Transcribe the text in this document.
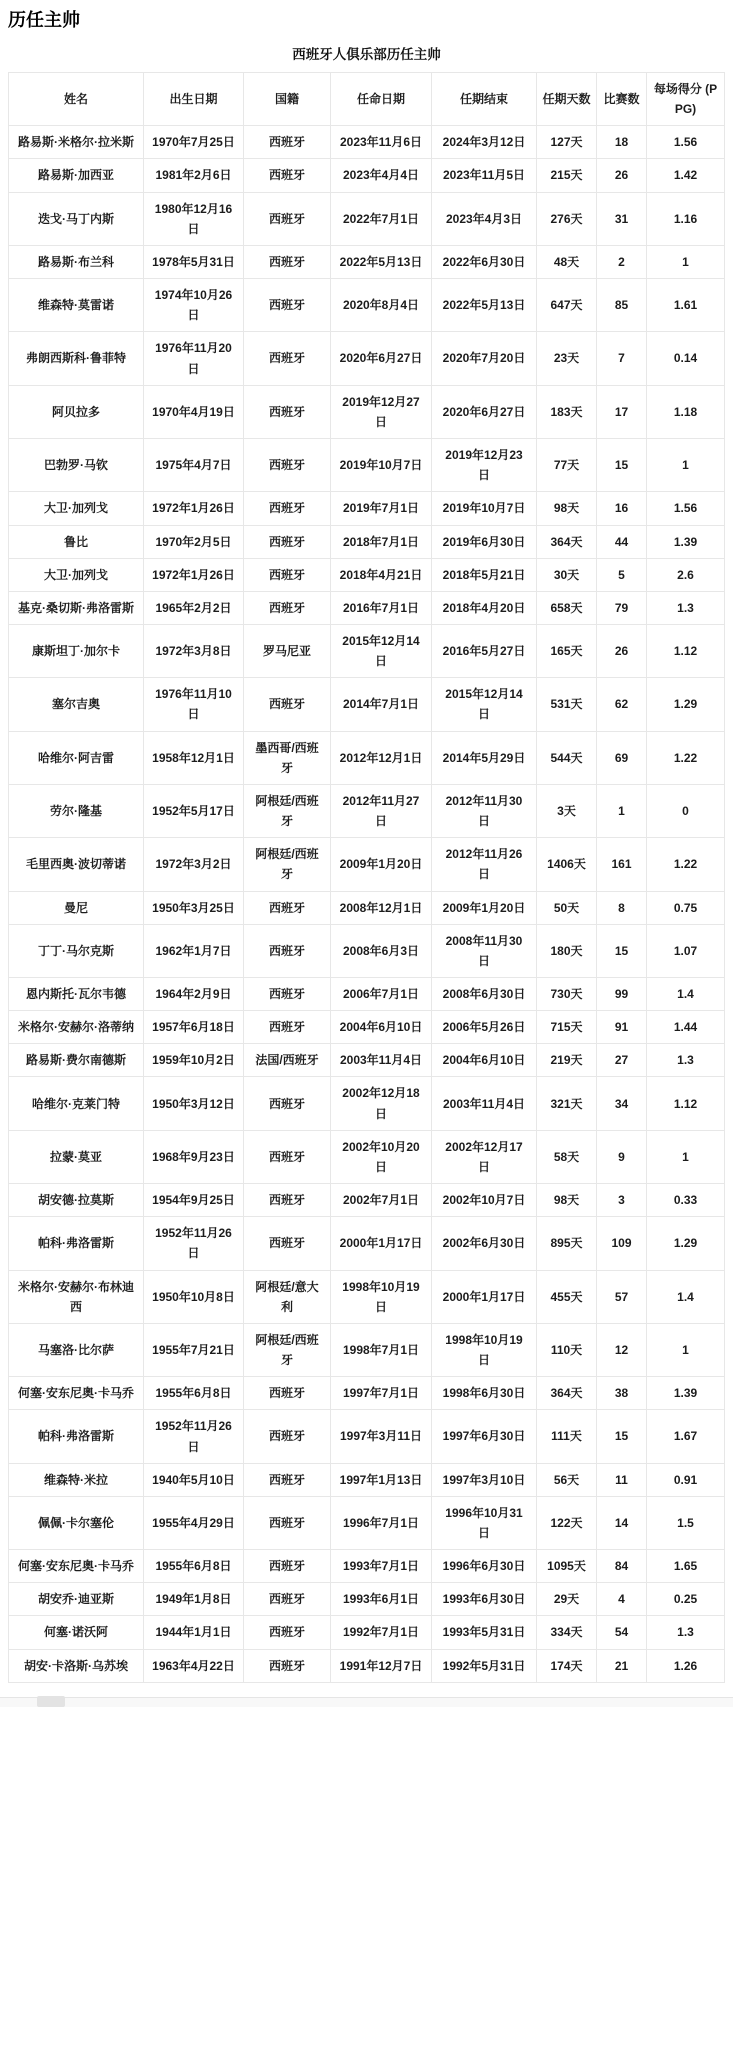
历任主帅
西班牙人俱乐部历任主帅
姓名	出生日期	国籍	任命日期	任期结束	任期天数	比赛数	每场得分 (PPG)
路易斯·米格尔·拉米斯	1970年7月25日	西班牙	2023年11月6日	2024年3月12日	127天	18	1.56
路易斯·加西亚	1981年2月6日	西班牙	2023年4月4日	2023年11月5日	215天	26	1.42
迭戈·马丁内斯	1980年12月16日	西班牙	2022年7月1日	2023年4月3日	276天	31	1.16
路易斯·布兰科	1978年5月31日	西班牙	2022年5月13日	2022年6月30日	48天	2	1
维森特·莫雷诺	1974年10月26日	西班牙	2020年8月4日	2022年5月13日	647天	85	1.61
弗朗西斯科·鲁菲特	1976年11月20日	西班牙	2020年6月27日	2020年7月20日	23天	7	0.14
阿贝拉多	1970年4月19日	西班牙	2019年12月27日	2020年6月27日	183天	17	1.18
巴勃罗·马钦	1975年4月7日	西班牙	2019年10月7日	2019年12月23日	77天	15	1
大卫·加列戈	1972年1月26日	西班牙	2019年7月1日	2019年10月7日	98天	16	1.56
鲁比	1970年2月5日	西班牙	2018年7月1日	2019年6月30日	364天	44	1.39
大卫·加列戈	1972年1月26日	西班牙	2018年4月21日	2018年5月21日	30天	5	2.6
基克·桑切斯·弗洛雷斯	1965年2月2日	西班牙	2016年7月1日	2018年4月20日	658天	79	1.3
康斯坦丁·加尔卡	1972年3月8日	罗马尼亚	2015年12月14日	2016年5月27日	165天	26	1.12
塞尔吉奥	1976年11月10日	西班牙	2014年7月1日	2015年12月14日	531天	62	1.29
哈维尔·阿吉雷	1958年12月1日	墨西哥/西班牙	2012年12月1日	2014年5月29日	544天	69	1.22
劳尔·隆基	1952年5月17日	阿根廷/西班牙	2012年11月27日	2012年11月30日	3天	1	0
毛里西奥·波切蒂诺	1972年3月2日	阿根廷/西班牙	2009年1月20日	2012年11月26日	1406天	161	1.22
曼尼	1950年3月25日	西班牙	2008年12月1日	2009年1月20日	50天	8	0.75
丁丁·马尔克斯	1962年1月7日	西班牙	2008年6月3日	2008年11月30日	180天	15	1.07
恩内斯托·瓦尔韦德	1964年2月9日	西班牙	2006年7月1日	2008年6月30日	730天	99	1.4
米格尔·安赫尔·洛蒂纳	1957年6月18日	西班牙	2004年6月10日	2006年5月26日	715天	91	1.44
路易斯·费尔南德斯	1959年10月2日	法国/西班牙	2003年11月4日	2004年6月10日	219天	27	1.3
哈维尔·克莱门特	1950年3月12日	西班牙	2002年12月18日	2003年11月4日	321天	34	1.12
拉蒙·莫亚	1968年9月23日	西班牙	2002年10月20日	2002年12月17日	58天	9	1
胡安德·拉莫斯	1954年9月25日	西班牙	2002年7月1日	2002年10月7日	98天	3	0.33
帕科·弗洛雷斯	1952年11月26日	西班牙	2000年1月17日	2002年6月30日	895天	109	1.29
米格尔·安赫尔·布林迪西	1950年10月8日	阿根廷/意大利	1998年10月19日	2000年1月17日	455天	57	1.4
马塞洛·比尔萨	1955年7月21日	阿根廷/西班牙	1998年7月1日	1998年10月19日	110天	12	1
何塞·安东尼奥·卡马乔	1955年6月8日	西班牙	1997年7月1日	1998年6月30日	364天	38	1.39
帕科·弗洛雷斯	1952年11月26日	西班牙	1997年3月11日	1997年6月30日	111天	15	1.67
维森特·米拉	1940年5月10日	西班牙	1997年1月13日	1997年3月10日	56天	11	0.91
佩佩·卡尔塞伦	1955年4月29日	西班牙	1996年7月1日	1996年10月31日	122天	14	1.5
何塞·安东尼奥·卡马乔	1955年6月8日	西班牙	1993年7月1日	1996年6月30日	1095天	84	1.65
胡安乔·迪亚斯	1949年1月8日	西班牙	1993年6月1日	1993年6月30日	29天	4	0.25
何塞·诺沃阿	1944年1月1日	西班牙	1992年7月1日	1993年5月31日	334天	54	1.3
胡安·卡洛斯·乌苏埃	1963年4月22日	西班牙	1991年12月7日	1992年5月31日	174天	21	1.26
